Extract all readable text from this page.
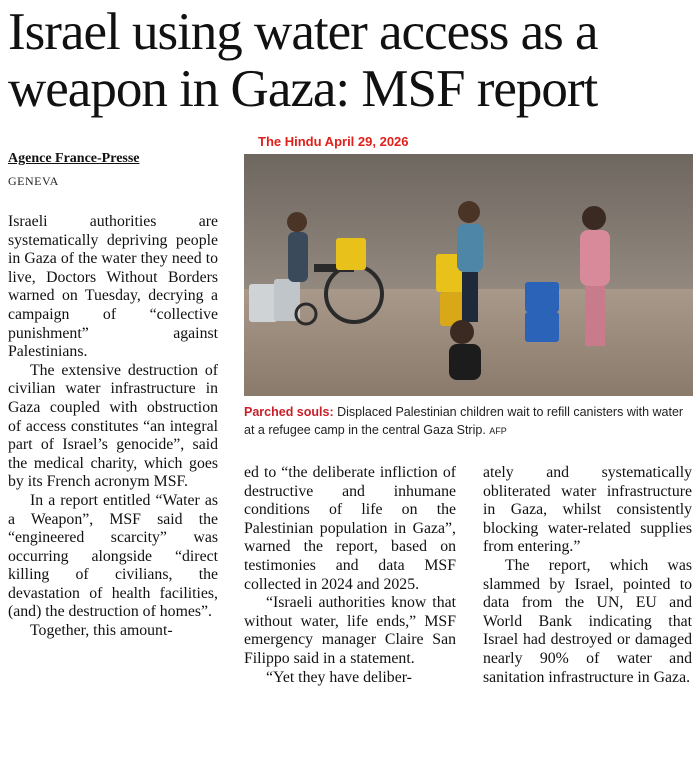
Israel using water access as a weapon in Gaza: MSF report
The Hindu April 29, 2026
Agence France-Presse
GENEVA

Israeli authorities are systematically depriving people in Gaza of the water they need to live, Doctors Without Borders warned on Tuesday, decrying a campaign of “collective punishment” against Palestinians.

The extensive destruction of civilian water infrastructure in Gaza coupled with obstruction of access constitutes “an integral part of Israel’s genocide”, said the medical charity, which goes by its French acronym MSF.

In a report entitled “Water as a Weapon”, MSF said the “engineered scarcity” was occurring alongside “direct killing of civilians, the devastation of health facilities, (and) the destruction of homes”.

Together, this amount-

Parched souls: Displaced Palestinian children wait to refill canisters with water at a refugee camp in the central Gaza Strip. AFP

ed to “the deliberate infliction of destructive and inhumane conditions of life on the Palestinian population in Gaza”, warned the report, based on testimonies and data MSF collected in 2024 and 2025.

“Israeli authorities know that without water, life ends,” MSF emergency manager Claire San Filippo said in a statement.

“Yet they have deliber-

ately and systematically obliterated water infrastructure in Gaza, whilst consistently blocking water-related supplies from entering.”

The report, which was slammed by Israel, pointed to data from the UN, EU and World Bank indicating that Israel had destroyed or damaged nearly 90% of water and sanitation infrastructure in Gaza.
